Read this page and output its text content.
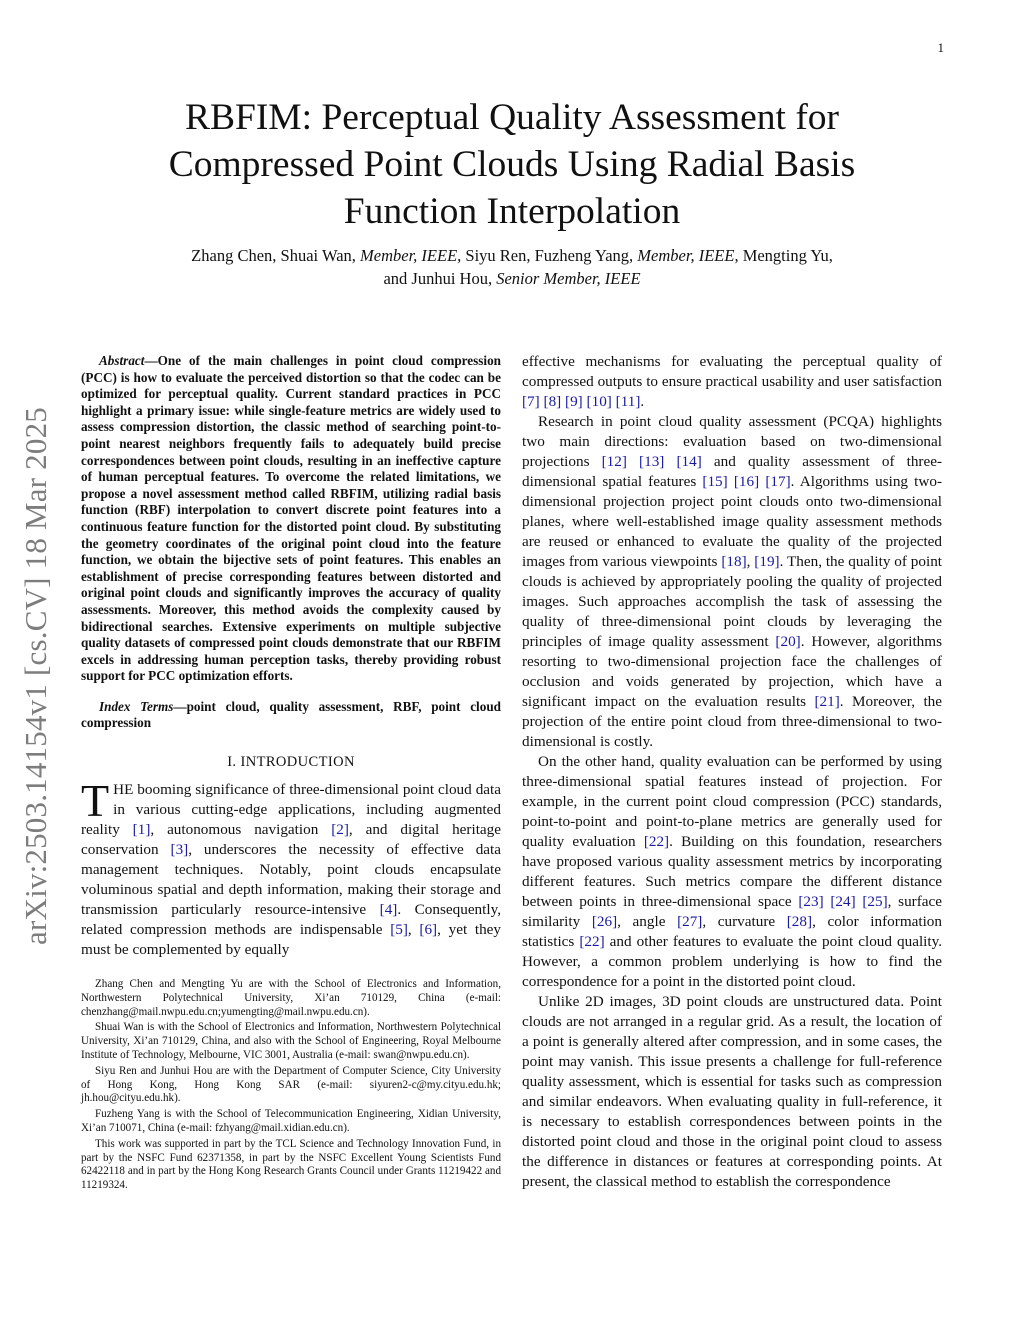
1
arXiv:2503.14154v1 [cs.CV] 18 Mar 2025
RBFIM: Perceptual Quality Assessment for Compressed Point Clouds Using Radial Basis Function Interpolation
Zhang Chen, Shuai Wan, Member, IEEE, Siyu Ren, Fuzheng Yang, Member, IEEE, Mengting Yu,
and Junhui Hou, Senior Member, IEEE

Abstract—One of the main challenges in point cloud compression (PCC) is how to evaluate the perceived distortion so that the codec can be optimized for perceptual quality. Current standard practices in PCC highlight a primary issue: while single-feature metrics are widely used to assess compression distortion, the classic method of searching point-to-point nearest neighbors frequently fails to adequately build precise correspondences between point clouds, resulting in an ineffective capture of human perceptual features. To overcome the related limitations, we propose a novel assessment method called RBFIM, utilizing radial basis function (RBF) interpolation to convert discrete point features into a continuous feature function for the distorted point cloud. By substituting the geometry coordinates of the original point cloud into the feature function, we obtain the bijective sets of point features. This enables an establishment of precise corresponding features between distorted and original point clouds and significantly improves the accuracy of quality assessments. Moreover, this method avoids the complexity caused by bidirectional searches. Extensive experiments on multiple subjective quality datasets of compressed point clouds demonstrate that our RBFIM excels in addressing human perception tasks, thereby providing robust support for PCC optimization efforts.

Index Terms—point cloud, quality assessment, RBF, point cloud compression

I. INTRODUCTION

THE booming significance of three-dimensional point cloud data in various cutting-edge applications, including augmented reality [1], autonomous navigation [2], and digital heritage conservation [3], underscores the necessity of effective data management techniques. Notably, point clouds encapsulate voluminous spatial and depth information, making their storage and transmission particularly resource-intensive [4]. Consequently, related compression methods are indispensable [5], [6], yet they must be complemented by equally

Zhang Chen and Mengting Yu are with the School of Electronics and Information, Northwestern Polytechnical University, Xi’an 710129, China (e-mail: chenzhang@mail.nwpu.edu.cn;yumengting@mail.nwpu.edu.cn).

Shuai Wan is with the School of Electronics and Information, Northwestern Polytechnical University, Xi’an 710129, China, and also with the School of Engineering, Royal Melbourne Institute of Technology, Melbourne, VIC 3001, Australia (e-mail: swan@nwpu.edu.cn).

Siyu Ren and Junhui Hou are with the Department of Computer Science, City University of Hong Kong, Hong Kong SAR (e-mail: siyuren2-c@my.cityu.edu.hk; jh.hou@cityu.edu.hk).

Fuzheng Yang is with the School of Telecommunication Engineering, Xidian University, Xi’an 710071, China (e-mail: fzhyang@mail.xidian.edu.cn).

This work was supported in part by the TCL Science and Technology Innovation Fund, in part by the NSFC Fund 62371358, in part by the NSFC Excellent Young Scientists Fund 62422118 and in part by the Hong Kong Research Grants Council under Grants 11219422 and 11219324.

effective mechanisms for evaluating the perceptual quality of compressed outputs to ensure practical usability and user satisfaction [7] [8] [9] [10] [11].

Research in point cloud quality assessment (PCQA) highlights two main directions: evaluation based on two-dimensional projections [12] [13] [14] and quality assessment of three-dimensional spatial features [15] [16] [17]. Algorithms using two-dimensional projection project point clouds onto two-dimensional planes, where well-established image quality assessment methods are reused or enhanced to evaluate the quality of the projected images from various viewpoints [18], [19]. Then, the quality of point clouds is achieved by appropriately pooling the quality of projected images. Such approaches accomplish the task of assessing the quality of three-dimensional point clouds by leveraging the principles of image quality assessment [20]. However, algorithms resorting to two-dimensional projection face the challenges of occlusion and voids generated by projection, which have a significant impact on the evaluation results [21]. Moreover, the projection of the entire point cloud from three-dimensional to two-dimensional is costly.

On the other hand, quality evaluation can be performed by using three-dimensional spatial features instead of projection. For example, in the current point cloud compression (PCC) standards, point-to-point and point-to-plane metrics are generally used for quality evaluation [22]. Building on this foundation, researchers have proposed various quality assessment metrics by incorporating different features. Such metrics compare the different distance between points in three-dimensional space [23] [24] [25], surface similarity [26], angle [27], curvature [28], color information statistics [22] and other features to evaluate the point cloud quality. However, a common problem underlying is how to find the correspondence for a point in the distorted point cloud.

Unlike 2D images, 3D point clouds are unstructured data. Point clouds are not arranged in a regular grid. As a result, the location of a point is generally altered after compression, and in some cases, the point may vanish. This issue presents a challenge for full-reference quality assessment, which is essential for tasks such as compression and similar endeavors. When evaluating quality in full-reference, it is necessary to establish correspondences between points in the distorted point cloud and those in the original point cloud to assess the difference in distances or features at corresponding points. At present, the classical method to establish the correspondence
